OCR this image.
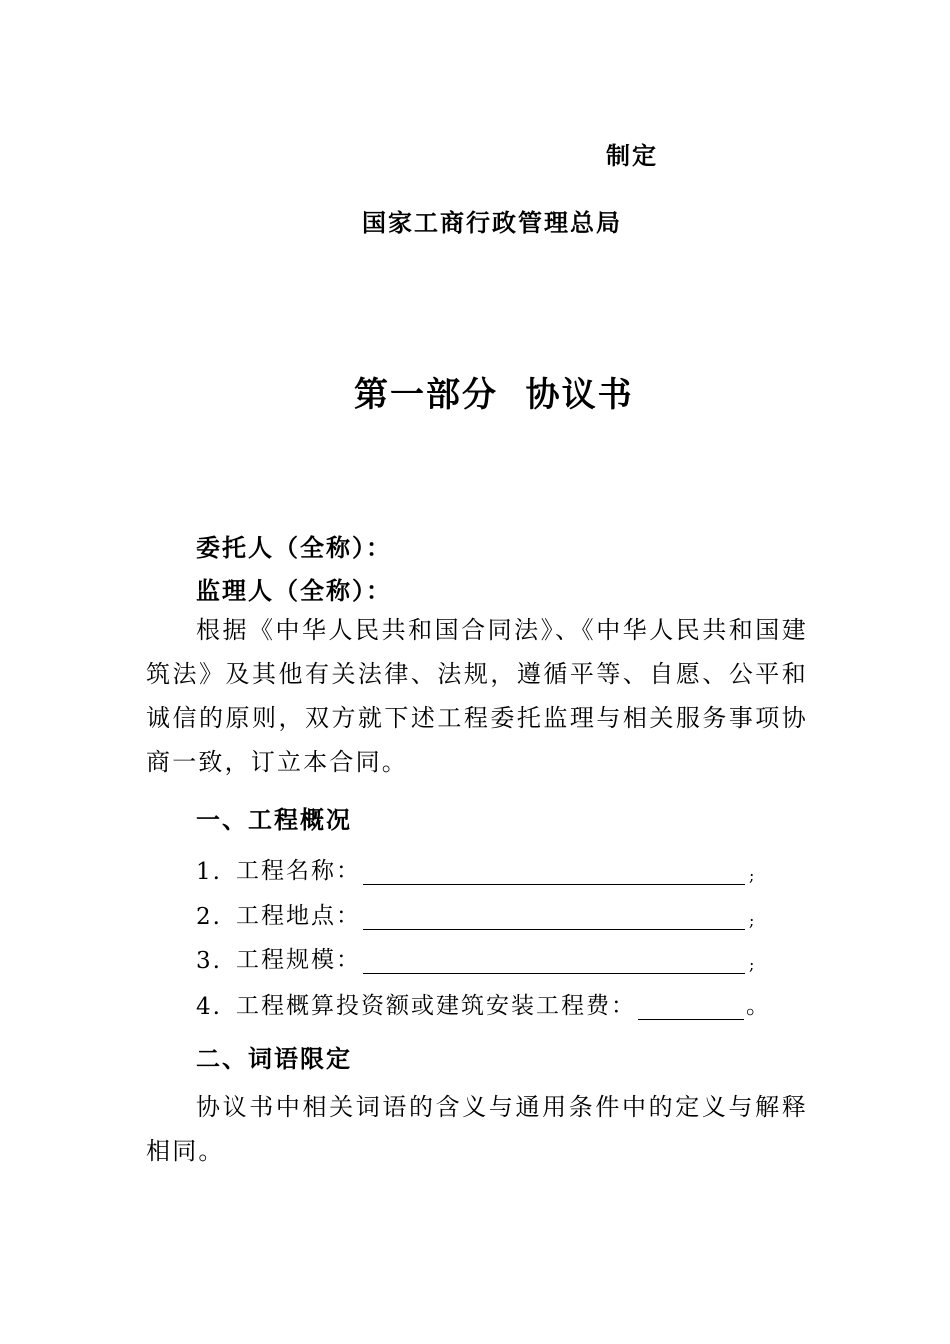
制定
国家工商行政管理总局
第一部分  协议书
委托人（全称）：
监理人（全称）：
根据《中华人民共和国合同法》、《中华人民共和国建筑法》及其他有关法律、法规，遵循平等、自愿、公平和诚信的原则，双方就下述工程委托监理与相关服务事项协商一致，订立本合同。
一、工程概况
1. 工程名称：	;
2. 工程地点：	;
3. 工程规模：	;
4. 工程概算投资额或建筑安装工程费：	。
二、词语限定
协议书中相关词语的含义与通用条件中的定义与解释相同。
